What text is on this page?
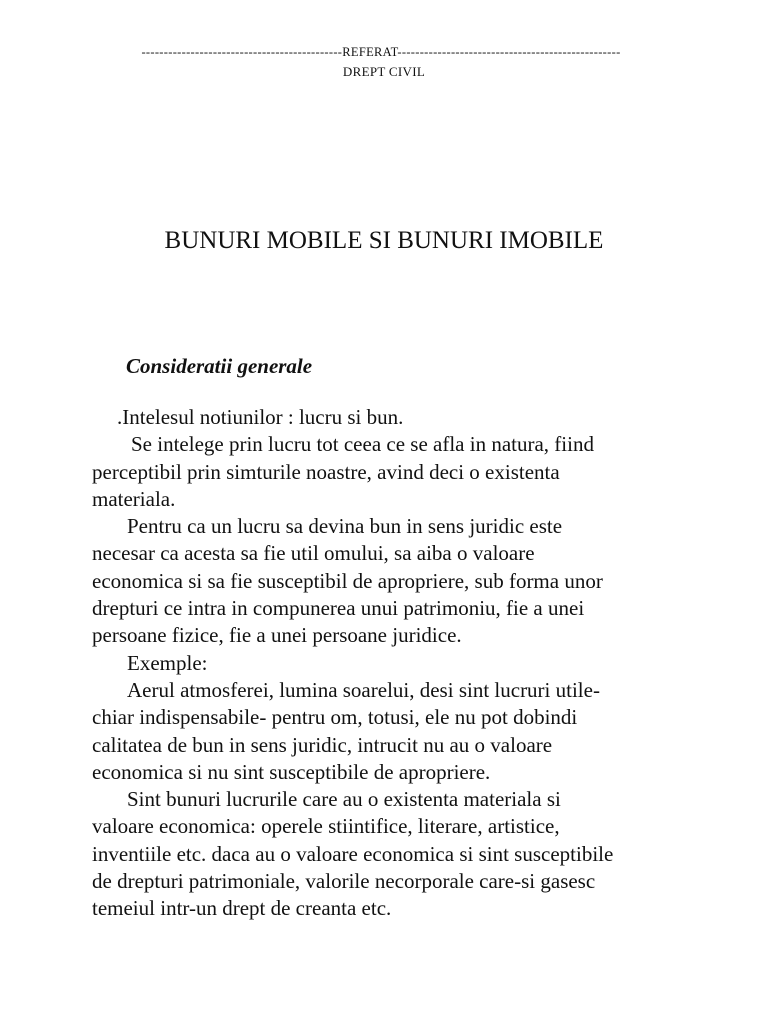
---------------------------------------------REFERAT--------------------------------------------------
DREPT CIVIL
BUNURI MOBILE SI BUNURI IMOBILE
Consideratii generale
.Intelesul notiunilor : lucru si bun.
Se intelege prin lucru tot ceea ce se afla in natura, fiind
perceptibil prin simturile noastre, avind deci o existenta
materiala.
Pentru ca un lucru sa devina bun in sens juridic este
necesar ca acesta sa fie util omului, sa aiba o valoare
economica si sa fie susceptibil de apropriere, sub forma unor
drepturi ce intra in compunerea unui patrimoniu, fie a unei
persoane fizice, fie a unei persoane juridice.
Exemple:
Aerul atmosferei, lumina soarelui, desi sint lucruri utile-
chiar indispensabile- pentru om, totusi, ele nu pot dobindi
calitatea de bun in sens juridic, intrucit nu au o valoare
economica si nu sint susceptibile de apropriere.
Sint bunuri lucrurile care au o existenta materiala si
valoare economica: operele stiintifice, literare, artistice,
inventiile etc. daca au o valoare economica si sint susceptibile
de drepturi patrimoniale, valorile necorporale care-si gasesc
temeiul intr-un drept de creanta etc.
